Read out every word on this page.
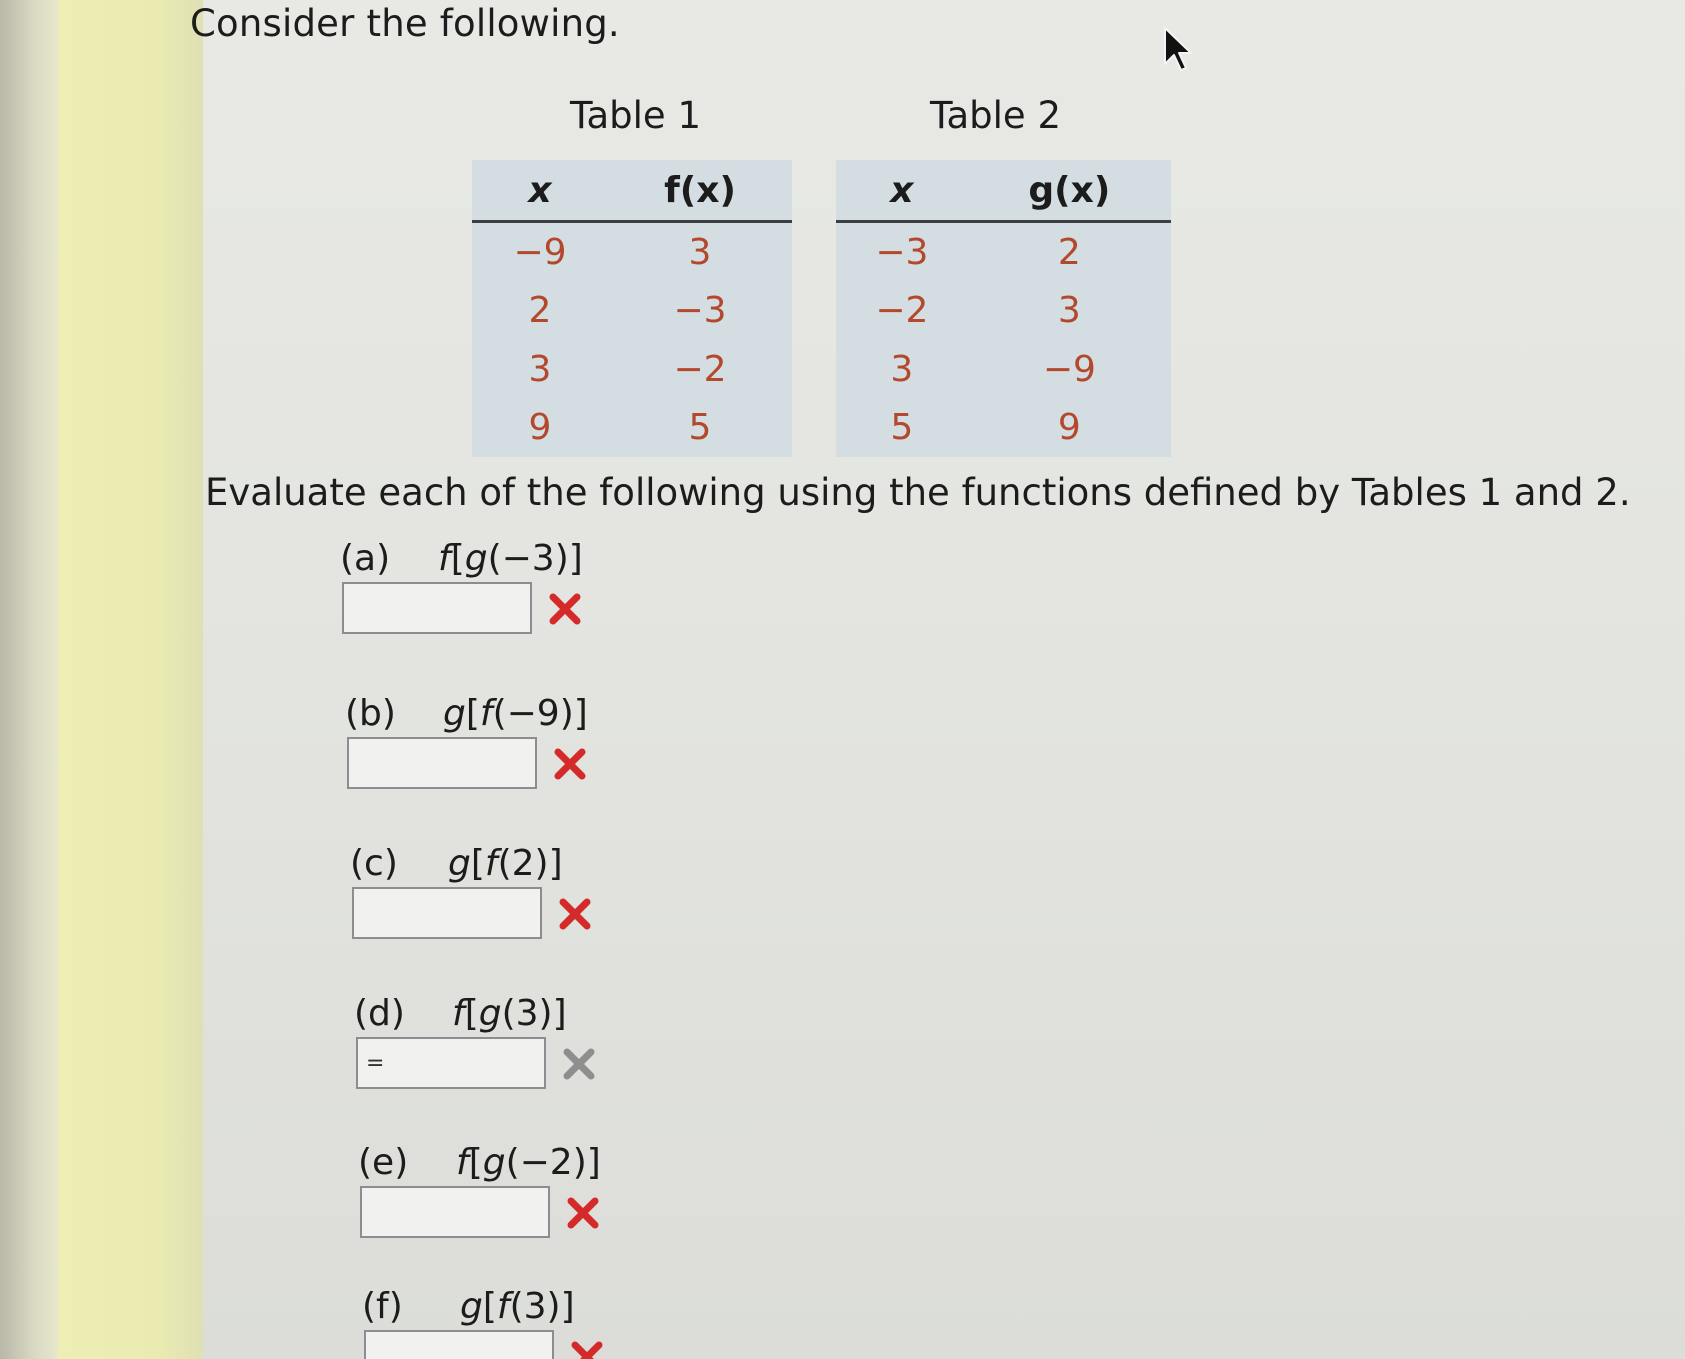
Consider the following.
Table 1	Table 2
x	f(x)
−9	3
2	−3
3	−2
9	5
x	g(x)
−3	2
−2	3
3	−9
5	9

Evaluate each of the following using the functions defined by Tables 1 and 2.

(a) f[g(−3)]
(b) g[f(−9)]
(c) g[f(2)]
(d) f[g(3)]
=
(e) f[g(−2)]
(f) g[f(3)]
